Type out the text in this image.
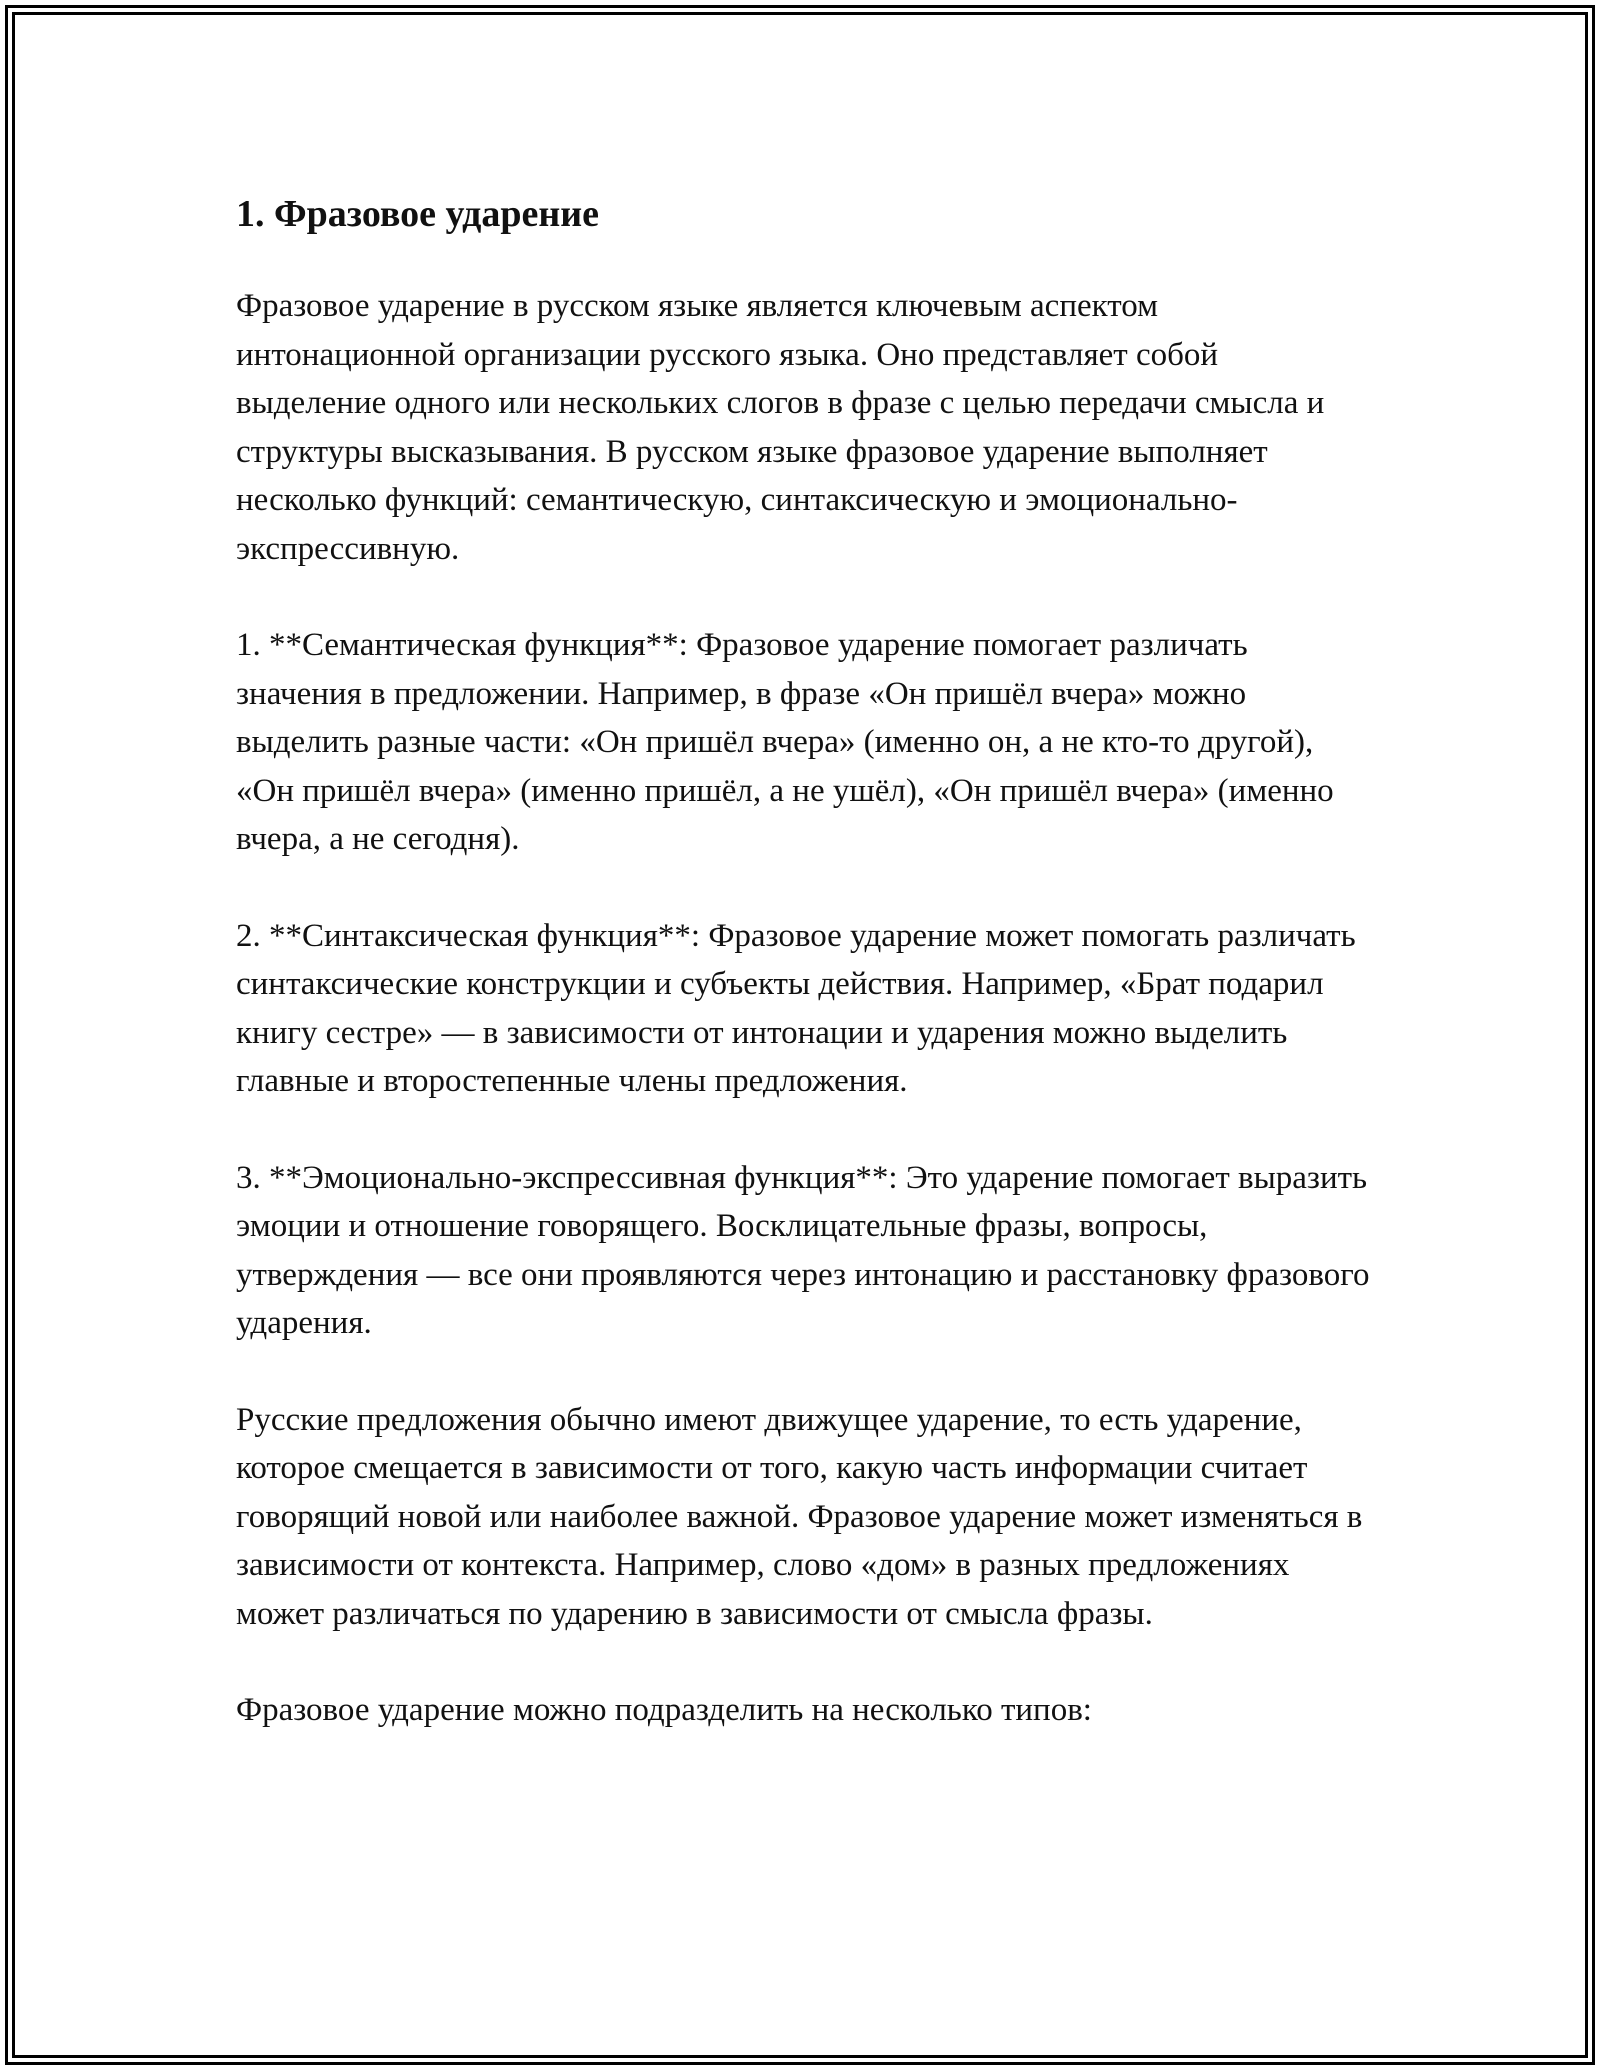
1. Фразовое ударение

Фразовое ударение в русском языке является ключевым аспектом интонационной организации русского языка. Оно представляет собой выделение одного или нескольких слогов в фразе с целью передачи смысла и структуры высказывания. В русском языке фразовое ударение выполняет несколько функций: семантическую, синтаксическую и эмоционально-экспрессивную.

1. **Семантическая функция**: Фразовое ударение помогает различать значения в предложении. Например, в фразе «Он пришёл вчера» можно выделить разные части: «Он пришёл вчера» (именно он, а не кто-то другой), «Он пришёл вчера» (именно пришёл, а не ушёл), «Он пришёл вчера» (именно вчера, а не сегодня).

2. **Синтаксическая функция**: Фразовое ударение может помогать различать синтаксические конструкции и субъекты действия. Например, «Брат подарил книгу сестре» — в зависимости от интонации и ударения можно выделить главные и второстепенные члены предложения.

3. **Эмоционально-экспрессивная функция**: Это ударение помогает выразить эмоции и отношение говорящего. Восклицательные фразы, вопросы, утверждения — все они проявляются через интонацию и расстановку фразового ударения.

Русские предложения обычно имеют движущее ударение, то есть ударение, которое смещается в зависимости от того, какую часть информации считает говорящий новой или наиболее важной. Фразовое ударение может изменяться в зависимости от контекста. Например, слово «дом» в разных предложениях может различаться по ударению в зависимости от смысла фразы.

Фразовое ударение можно подразделить на несколько типов:
